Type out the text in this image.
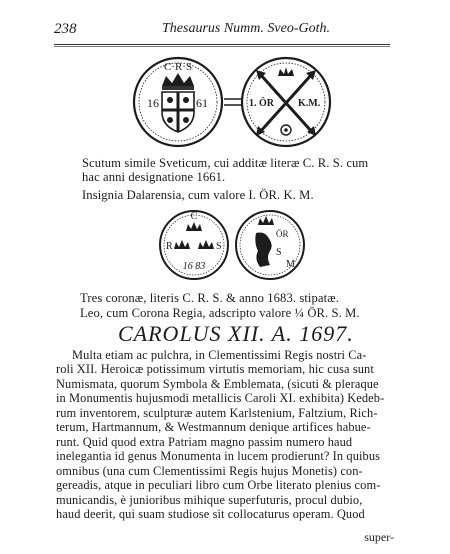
238	Thesaurus Numm. Sveo-Goth.
C·R·S
16	61	1. ÖR K.M.
Scutum simile Sveticum, cui additæ literæ C. R. S. cum
hac anni designatione 1661.
Insignia Dalarensia, cum valore I. ÖR. K. M.
C
R	S
16 83
ÖR
S
M
Tres coronæ, literis C. R. S. & anno 1683. stipatæ.
Leo, cum Corona Regia, adscripto valore ¼ ÖR. S. M.
CAROLUS XII. A. 1697.
Multa etiam ac pulchra, in Clementissimi Regis nostri Ca-
roli XII. Heroicæ potissimum virtutis memoriam, hic cusa sunt
Numismata, quorum Symbola & Emblemata, (sicuti & pleraque
in Monumentis hujusmodi metallicis Caroli XI. exhibita) Kedeb-
rum inventorem, sculpturæ autem Karlstenium, Faltzium, Rich-
terum, Hartmannum, & Westmannum denique artifices habue-
runt. Quid quod extra Patriam magno passim numero haud
inelegantia id genus Monumenta in lucem prodierunt? In quibus
omnibus (una cum Clementissimi Regis hujus Monetis) con-
gereadis, atque in peculiari libro cum Orbe literato plenius com-
municandis, è junioribus mihique superfuturis, procul dubio,
haud deerit, qui suam studiose sit collocaturus operam. Quod
super-
